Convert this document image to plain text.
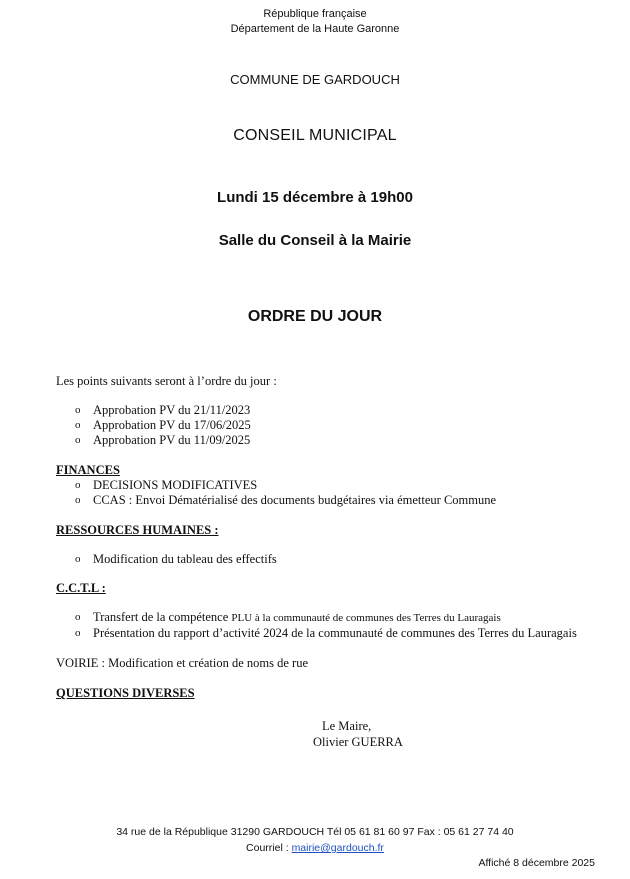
République française
Département de la Haute Garonne
COMMUNE DE GARDOUCH
CONSEIL MUNICIPAL
Lundi 15 décembre à 19h00
Salle du Conseil à la Mairie
ORDRE DU JOUR
Les points suivants seront à l’ordre du jour :
o Approbation PV du 21/11/2023
o Approbation PV du 17/06/2025
o Approbation PV du 11/09/2025
FINANCES
o DECISIONS MODIFICATIVES
o CCAS : Envoi Dématérialisé des documents budgétaires via émetteur Commune
RESSOURCES HUMAINES :
o Modification du tableau des effectifs
C.C.T.L :
o Transfert de la compétence PLU à la communauté de communes des Terres du Lauragais
o Présentation du rapport d’activité 2024 de la communauté de communes des Terres du Lauragais
VOIRIE : Modification et création de noms de rue
QUESTIONS DIVERSES
Le Maire,
Olivier GUERRA
34 rue de la République 31290 GARDOUCH Tél 05 61 81 60 97 Fax : 05 61 27 74 40
Courriel : mairie@gardouch.fr
Affiché 8 décembre 2025
